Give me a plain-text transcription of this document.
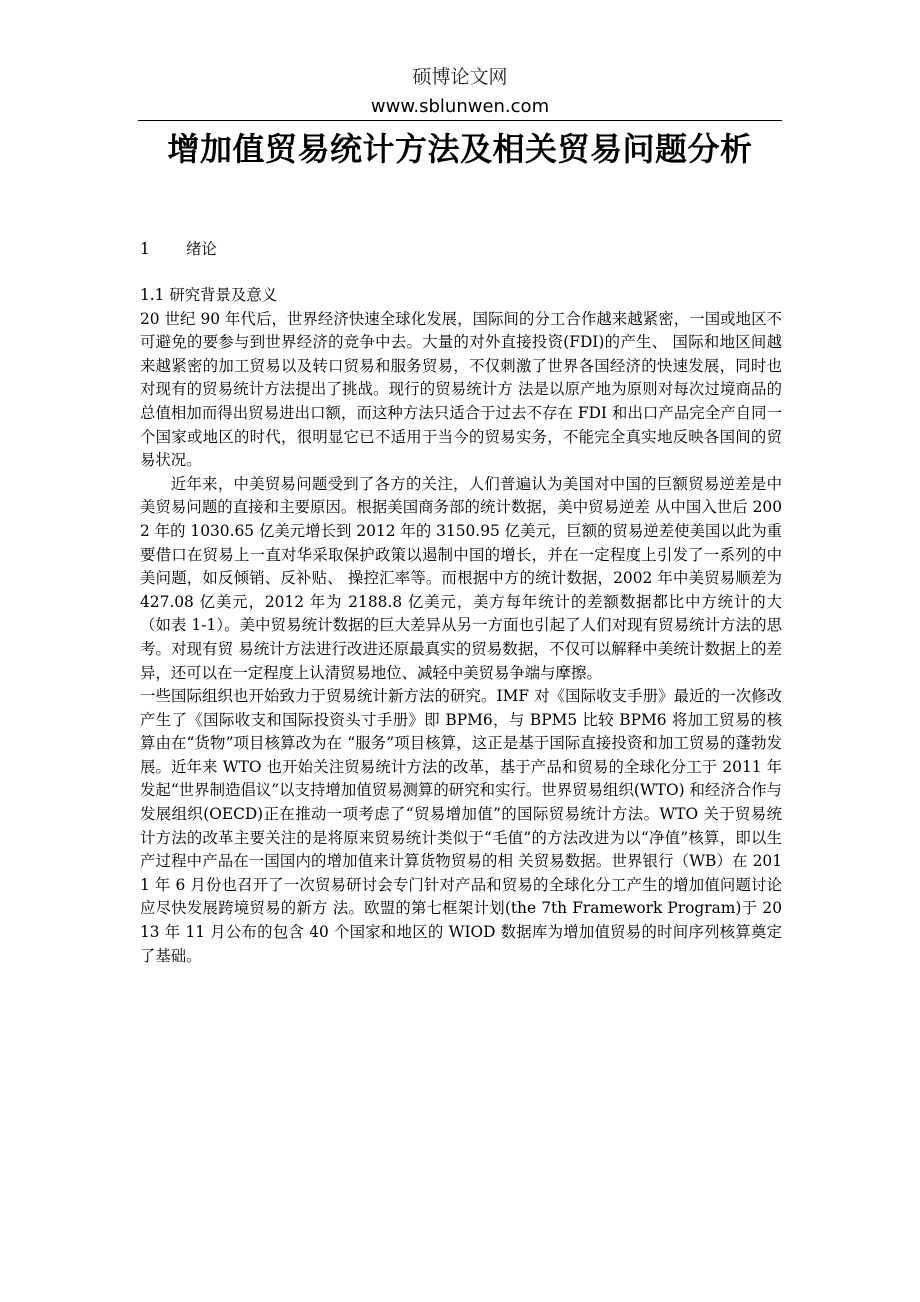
硕博论文网
www.sblunwen.com
增加值贸易统计方法及相关贸易问题分析
1 绪论
1.1 研究背景及意义

20 世纪 90 年代后，世界经济快速全球化发展，国际间的分工合作越来越紧密，一国或地区不可避免的要参与到世界经济的竞争中去。大量的对外直接投资(FDI)的产生、 国际和地区间越来越紧密的加工贸易以及转口贸易和服务贸易，不仅刺激了世界各国经济的快速发展，同时也对现有的贸易统计方法提出了挑战。现行的贸易统计方 法是以原产地为原则对每次过境商品的总值相加而得出贸易进出口额，而这种方法只适合于过去不存在 FDI 和出口产品完全产自同一个国家或地区的时代，很明显它已不适用于当今的贸易实务，不能完全真实地反映各国间的贸易状况。

近年来，中美贸易问题受到了各方的关注，人们普遍认为美国对中国的巨额贸易逆差是中美贸易问题的直接和主要原因。根据美国商务部的统计数据，美中贸易逆差 从中国入世后 2002 年的 1030.65 亿美元增长到 2012 年的 3150.95 亿美元，巨额的贸易逆差使美国以此为重要借口在贸易上一直对华采取保护政策以遏制中国的增长，并在一定程度上引发了一系列的中美问题，如反倾销、反补贴、 操控汇率等。而根据中方的统计数据，2002 年中美贸易顺差为 427.08 亿美元，2012 年为 2188.8 亿美元，美方每年统计的差额数据都比中方统计的大（如表 1-1）。美中贸易统计数据的巨大差异从另一方面也引起了人们对现有贸易统计方法的思考。对现有贸 易统计方法进行改进还原最真实的贸易数据，不仅可以解释中美统计数据上的差异，还可以在一定程度上认清贸易地位、减轻中美贸易争端与摩擦。

一些国际组织也开始致力于贸易统计新方法的研究。IMF 对《国际收支手册》最近的一次修改产生了《国际收支和国际投资头寸手册》即 BPM6，与 BPM5 比较 BPM6 将加工贸易的核算由在“货物”项目核算改为在 “服务”项目核算，这正是基于国际直接投资和加工贸易的蓬勃发展。近年来 WTO 也开始关注贸易统计方法的改革，基于产品和贸易的全球化分工于 2011 年发起“世界制造倡议”以支持增加值贸易测算的研究和实行。世界贸易组织(WTO) 和经济合作与发展组织(OECD)正在推动一项考虑了“贸易增加值”的国际贸易统计方法。WTO 关于贸易统计方法的改革主要关注的是将原来贸易统计类似于“毛值”的方法改进为以“净值”核算，即以生产过程中产品在一国国内的增加值来计算货物贸易的相 关贸易数据。世界银行（WB）在 2011 年 6 月份也召开了一次贸易研讨会专门针对产品和贸易的全球化分工产生的增加值问题讨论应尽快发展跨境贸易的新方 法。欧盟的第七框架计划(the 7th Framework Program)于 2013 年 11 月公布的包含 40 个国家和地区的 WIOD 数据库为增加值贸易的时间序列核算奠定了基础。
